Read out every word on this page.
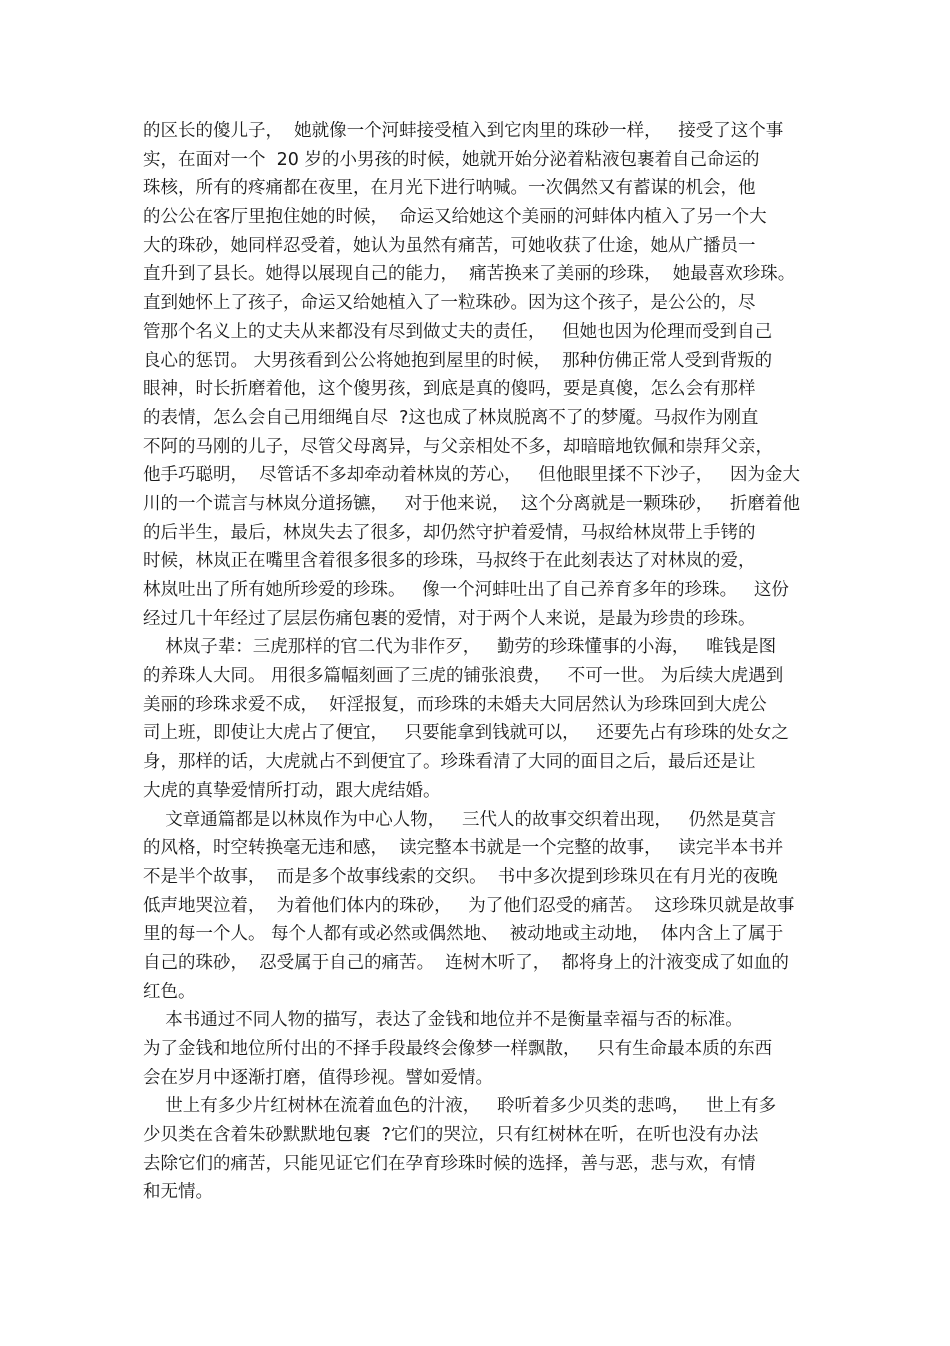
的区长的傻儿子，  她就像一个河蚌接受植入到它肉里的珠砂一样，   接受了这个事
实，在面对一个  20 岁的小男孩的时候，她就开始分泌着粘液包裹着自己命运的
珠核，所有的疼痛都在夜里，在月光下进行呐喊。一次偶然又有蓄谋的机会，他
的公公在客厅里抱住她的时候，  命运又给她这个美丽的河蚌体内植入了另一个大
大的珠砂，她同样忍受着，她认为虽然有痛苦，可她收获了仕途，她从广播员一
直升到了县长。她得以展现自己的能力，  痛苦换来了美丽的珍珠，  她最喜欢珍珠。
直到她怀上了孩子，命运又给她植入了一粒珠砂。因为这个孩子，是公公的，尽
管那个名义上的丈夫从来都没有尽到做丈夫的责任，   但她也因为伦理而受到自己
良心的惩罚。 大男孩看到公公将她抱到屋里的时候，  那种仿佛正常人受到背叛的
眼神，时长折磨着他，这个傻男孩，到底是真的傻吗，要是真傻，怎么会有那样
的表情，怎么会自己用细绳自尽  ?这也成了林岚脱离不了的梦魇。马叔作为刚直
不阿的马刚的儿子，尽管父母离异，与父亲相处不多，却暗暗地钦佩和崇拜父亲，
他手巧聪明，  尽管话不多却牵动着林岚的芳心，   但他眼里揉不下沙子，   因为金大
川的一个谎言与林岚分道扬镳，   对于他来说，  这个分离就是一颗珠砂，   折磨着他
的后半生，最后，林岚失去了很多，却仍然守护着爱情，马叔给林岚带上手铐的
时候，林岚正在嘴里含着很多很多的珍珠，马叔终于在此刻表达了对林岚的爱，
林岚吐出了所有她所珍爱的珍珠。   像一个河蚌吐出了自己养育多年的珍珠。   这份
经过几十年经过了层层伤痛包裹的爱情，对于两个人来说，是最为珍贵的珍珠。
林岚子辈：三虎那样的官二代为非作歹，   勤劳的珍珠懂事的小海，   唯钱是图
的养珠人大同。 用很多篇幅刻画了三虎的铺张浪费，   不可一世。 为后续大虎遇到
美丽的珍珠求爱不成，  奸淫报复，而珍珠的未婚夫大同居然认为珍珠回到大虎公
司上班，即使让大虎占了便宜，   只要能拿到钱就可以，   还要先占有珍珠的处女之
身，那样的话，大虎就占不到便宜了。珍珠看清了大同的面目之后，最后还是让
大虎的真挚爱情所打动，跟大虎结婚。
文章通篇都是以林岚作为中心人物，   三代人的故事交织着出现，   仍然是莫言
的风格，时空转换毫无违和感，  读完整本书就是一个完整的故事，   读完半本书并
不是半个故事，  而是多个故事线索的交织。  书中多次提到珍珠贝在有月光的夜晚
低声地哭泣着，  为着他们体内的珠砂，   为了他们忍受的痛苦。  这珍珠贝就是故事
里的每一个人。 每个人都有或必然或偶然地、  被动地或主动地，  体内含上了属于
自己的珠砂，  忍受属于自己的痛苦。  连树木听了，  都将身上的汁液变成了如血的
红色。
本书通过不同人物的描写，表达了金钱和地位并不是衡量幸福与否的标准。
为了金钱和地位所付出的不择手段最终会像梦一样飘散，   只有生命最本质的东西
会在岁月中逐渐打磨，值得珍视。譬如爱情。
世上有多少片红树林在流着血色的汁液，   聆听着多少贝类的悲鸣，   世上有多
少贝类在含着朱砂默默地包裹  ?它们的哭泣，只有红树林在听，在听也没有办法
去除它们的痛苦，只能见证它们在孕育珍珠时候的选择，善与恶，悲与欢，有情
和无情。
